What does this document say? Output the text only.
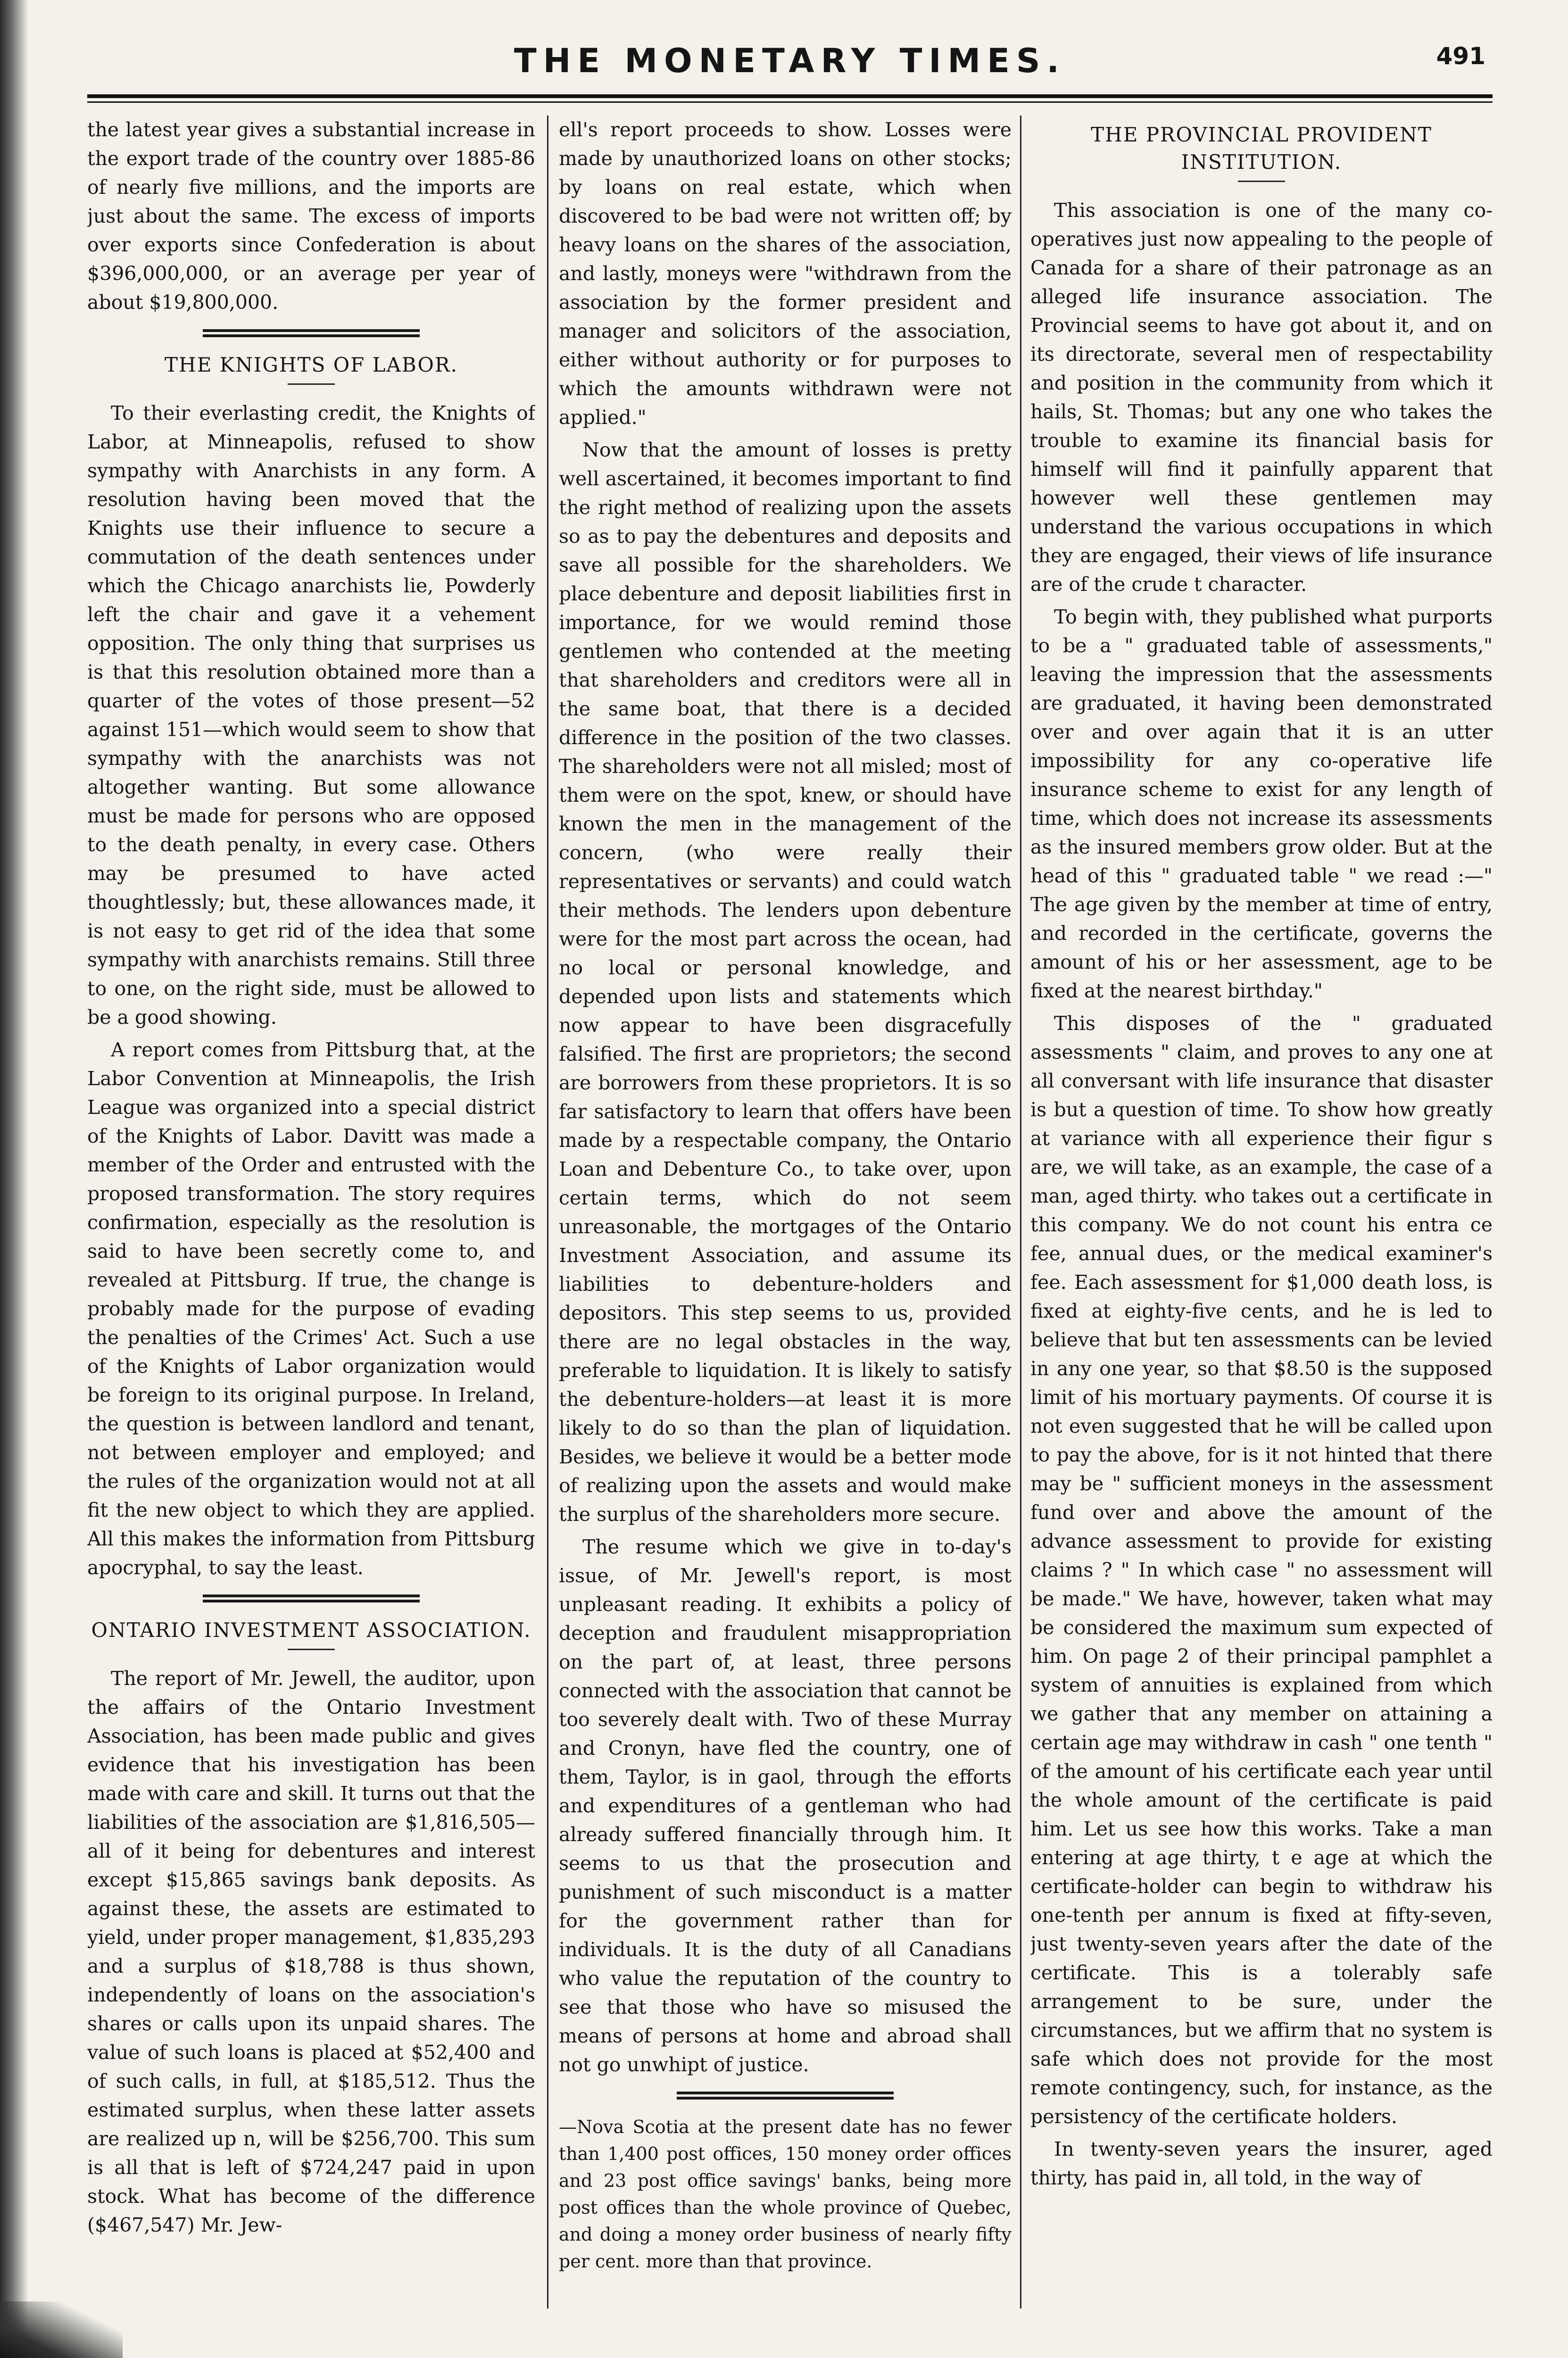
THE MONETARY TIMES.	491

the latest year gives a substantial increase in the export trade of the country over 1885-86 of nearly five millions, and the imports are just about the same. The excess of imports over exports since Confederation is about $396,000,000, or an average per year of about $19,800,000.

THE KNIGHTS OF LABOR.

To their everlasting credit, the Knights of Labor, at Minneapolis, refused to show sympathy with Anarchists in any form. A resolution having been moved that the Knights use their influence to secure a commutation of the death sentences under which the Chicago anarchists lie, Powderly left the chair and gave it a vehement opposition. The only thing that surprises us is that this resolution obtained more than a quarter of the votes of those present—52 against 151—which would seem to show that sympathy with the anarchists was not altogether wanting. But some allowance must be made for persons who are opposed to the death penalty, in every case. Others may be presumed to have acted thoughtlessly; but, these allowances made, it is not easy to get rid of the idea that some sympathy with anarchists remains. Still three to one, on the right side, must be allowed to be a good showing.

A report comes from Pittsburg that, at the Labor Convention at Minneapolis, the Irish League was organized into a special district of the Knights of Labor. Davitt was made a member of the Order and entrusted with the proposed transformation. The story requires confirmation, especially as the resolution is said to have been secretly come to, and revealed at Pittsburg. If true, the change is probably made for the purpose of evading the penalties of the Crimes' Act. Such a use of the Knights of Labor organization would be foreign to its original purpose. In Ireland, the question is between landlord and tenant, not between employer and employed; and the rules of the organization would not at all fit the new object to which they are applied. All this makes the information from Pittsburg apocryphal, to say the least.

ONTARIO INVESTMENT ASSOCIATION.

The report of Mr. Jewell, the auditor, upon the affairs of the Ontario Investment Association, has been made public and gives evidence that his investigation has been made with care and skill. It turns out that the liabilities of the association are $1,816,505—all of it being for debentures and interest except $15,865 savings bank deposits. As against these, the assets are estimated to yield, under proper management, $1,835,293 and a surplus of $18,788 is thus shown, independently of loans on the association's shares or calls upon its unpaid shares. The value of such loans is placed at $52,400 and of such calls, in full, at $185,512. Thus the estimated surplus, when these latter assets are realized up n, will be $256,700. This sum is all that is left of $724,247 paid in upon stock. What has become of the difference ($467,547) Mr. Jew-

ell's report proceeds to show. Losses were made by unauthorized loans on other stocks; by loans on real estate, which when discovered to be bad were not written off; by heavy loans on the shares of the association, and lastly, moneys were "withdrawn from the association by the former president and manager and solicitors of the association, either without authority or for purposes to which the amounts withdrawn were not applied."

Now that the amount of losses is pretty well ascertained, it becomes important to find the right method of realizing upon the assets so as to pay the debentures and deposits and save all possible for the shareholders. We place debenture and deposit liabilities first in importance, for we would remind those gentlemen who contended at the meeting that shareholders and creditors were all in the same boat, that there is a decided difference in the position of the two classes. The shareholders were not all misled; most of them were on the spot, knew, or should have known the men in the management of the concern, (who were really their representatives or servants) and could watch their methods. The lenders upon debenture were for the most part across the ocean, had no local or personal knowledge, and depended upon lists and statements which now appear to have been disgracefully falsified. The first are proprietors; the second are borrowers from these proprietors. It is so far satisfactory to learn that offers have been made by a respectable company, the Ontario Loan and Debenture Co., to take over, upon certain terms, which do not seem unreasonable, the mortgages of the Ontario Investment Association, and assume its liabilities to debenture-holders and depositors. This step seems to us, provided there are no legal obstacles in the way, preferable to liquidation. It is likely to satisfy the debenture-holders—at least it is more likely to do so than the plan of liquidation. Besides, we believe it would be a better mode of realizing upon the assets and would make the surplus of the shareholders more secure.

The resume which we give in to-day's issue, of Mr. Jewell's report, is most unpleasant reading. It exhibits a policy of deception and fraudulent misappropriation on the part of, at least, three persons connected with the association that cannot be too severely dealt with. Two of these Murray and Cronyn, have fled the country, one of them, Taylor, is in gaol, through the efforts and expenditures of a gentleman who had already suffered financially through him. It seems to us that the prosecution and punishment of such misconduct is a matter for the government rather than for individuals. It is the duty of all Canadians who value the reputation of the country to see that those who have so misused the means of persons at home and abroad shall not go unwhipt of justice.

—Nova Scotia at the present date has no fewer than 1,400 post offices, 150 money order offices and 23 post office savings' banks, being more post offices than the whole province of Quebec, and doing a money order business of nearly fifty per cent. more than that province.

THE PROVINCIAL PROVIDENT INSTITUTION.

This association is one of the many co-operatives just now appealing to the people of Canada for a share of their patronage as an alleged life insurance association. The Provincial seems to have got about it, and on its directorate, several men of respectability and position in the community from which it hails, St. Thomas; but any one who takes the trouble to examine its financial basis for himself will find it painfully apparent that however well these gentlemen may understand the various occupations in which they are engaged, their views of life insurance are of the crude t character.

To begin with, they published what purports to be a " graduated table of assessments," leaving the impression that the assessments are graduated, it having been demonstrated over and over again that it is an utter impossibility for any co-operative life insurance scheme to exist for any length of time, which does not increase its assessments as the insured members grow older. But at the head of this " graduated table " we read :—" The age given by the member at time of entry, and recorded in the certificate, governs the amount of his or her assessment, age to be fixed at the nearest birthday."

This disposes of the " graduated assessments " claim, and proves to any one at all conversant with life insurance that disaster is but a question of time. To show how greatly at variance with all experience their figur s are, we will take, as an example, the case of a man, aged thirty. who takes out a certificate in this company. We do not count his entra ce fee, annual dues, or the medical examiner's fee. Each assessment for $1,000 death loss, is fixed at eighty-five cents, and he is led to believe that but ten assessments can be levied in any one year, so that $8.50 is the supposed limit of his mortuary payments. Of course it is not even suggested that he will be called upon to pay the above, for is it not hinted that there may be " sufficient moneys in the assessment fund over and above the amount of the advance assessment to provide for existing claims ? " In which case " no assessment will be made." We have, however, taken what may be considered the maximum sum expected of him. On page 2 of their principal pamphlet a system of annuities is explained from which we gather that any member on attaining a certain age may withdraw in cash " one tenth " of the amount of his certificate each year until the whole amount of the certificate is paid him. Let us see how this works. Take a man entering at age thirty, t e age at which the certificate-holder can begin to withdraw his one-tenth per annum is fixed at fifty-seven, just twenty-seven years after the date of the certificate. This is a tolerably safe arrangement to be sure, under the circumstances, but we affirm that no system is safe which does not provide for the most remote contingency, such, for instance, as the persistency of the certificate holders.

In twenty-seven years the insurer, aged thirty, has paid in, all told, in the way of
